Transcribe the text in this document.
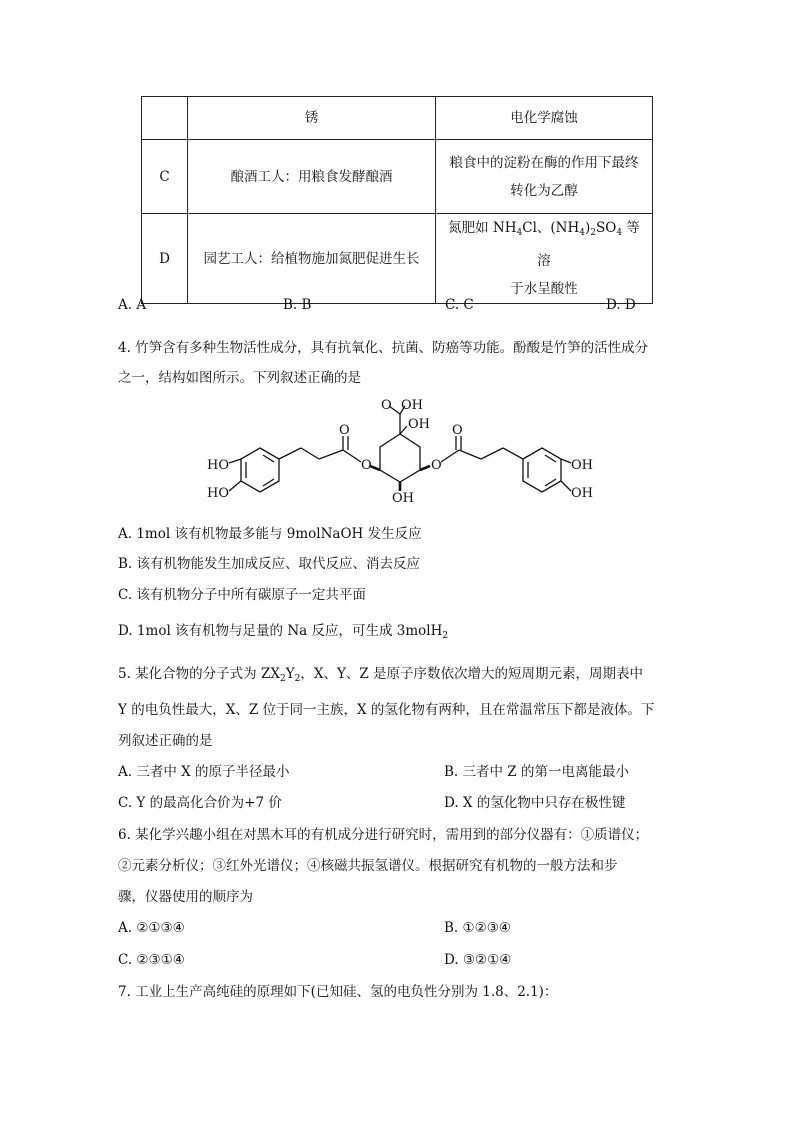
	锈	电化学腐蚀
C	酿酒工人：用粮食发酵酿酒	粮食中的淀粉在酶的作用下最终
转化为乙醇

D	园艺工人：给植物施加氮肥促进生长	氮肥如 $NH_4Cl$、$(NH_4)_2SO_4$ 等溶
于水呈酸性
A. A	B. B	C. C	D. D
4. 竹笋含有多种生物活性成分，具有抗氧化、抗菌、防癌等功能。酚酸是竹笋的活性成分
之一，结构如图所示。下列叙述正确的是
O OH
OH
O
O	O
O
OH
HO
HO
OH
OH
A. 1mol 该有机物最多能与 9molNaOH 发生反应
B. 该有机物能发生加成反应、取代反应、消去反应
C. 该有机物分子中所有碳原子一定共平面
D. 1mol 该有机物与足量的 Na 反应，可生成 3molH$_2$
5. 某化合物的分子式为 $ZX_2Y_2$，X、Y、Z 是原子序数依次增大的短周期元素，周期表中
Y 的电负性最大，X、Z 位于同一主族，X 的氢化物有两种，且在常温常压下都是液体。下
列叙述正确的是
A. 三者中 X 的原子半径最小	B. 三者中 Z 的第一电离能最小
C. Y 的最高化合价为+7 价	D. X 的氢化物中只存在极性键
6. 某化学兴趣小组在对黑木耳的有机成分进行研究时，需用到的部分仪器有：①质谱仪；
②元素分析仪；③红外光谱仪；④核磁共振氢谱仪。根据研究有机物的一般方法和步
骤，仪器使用的顺序为
A. ②①③④	B. ①②③④
C. ②③①④	D. ③②①④
7. 工业上生产高纯硅的原理如下(已知硅、氢的电负性分别为 1.8、2.1)：
